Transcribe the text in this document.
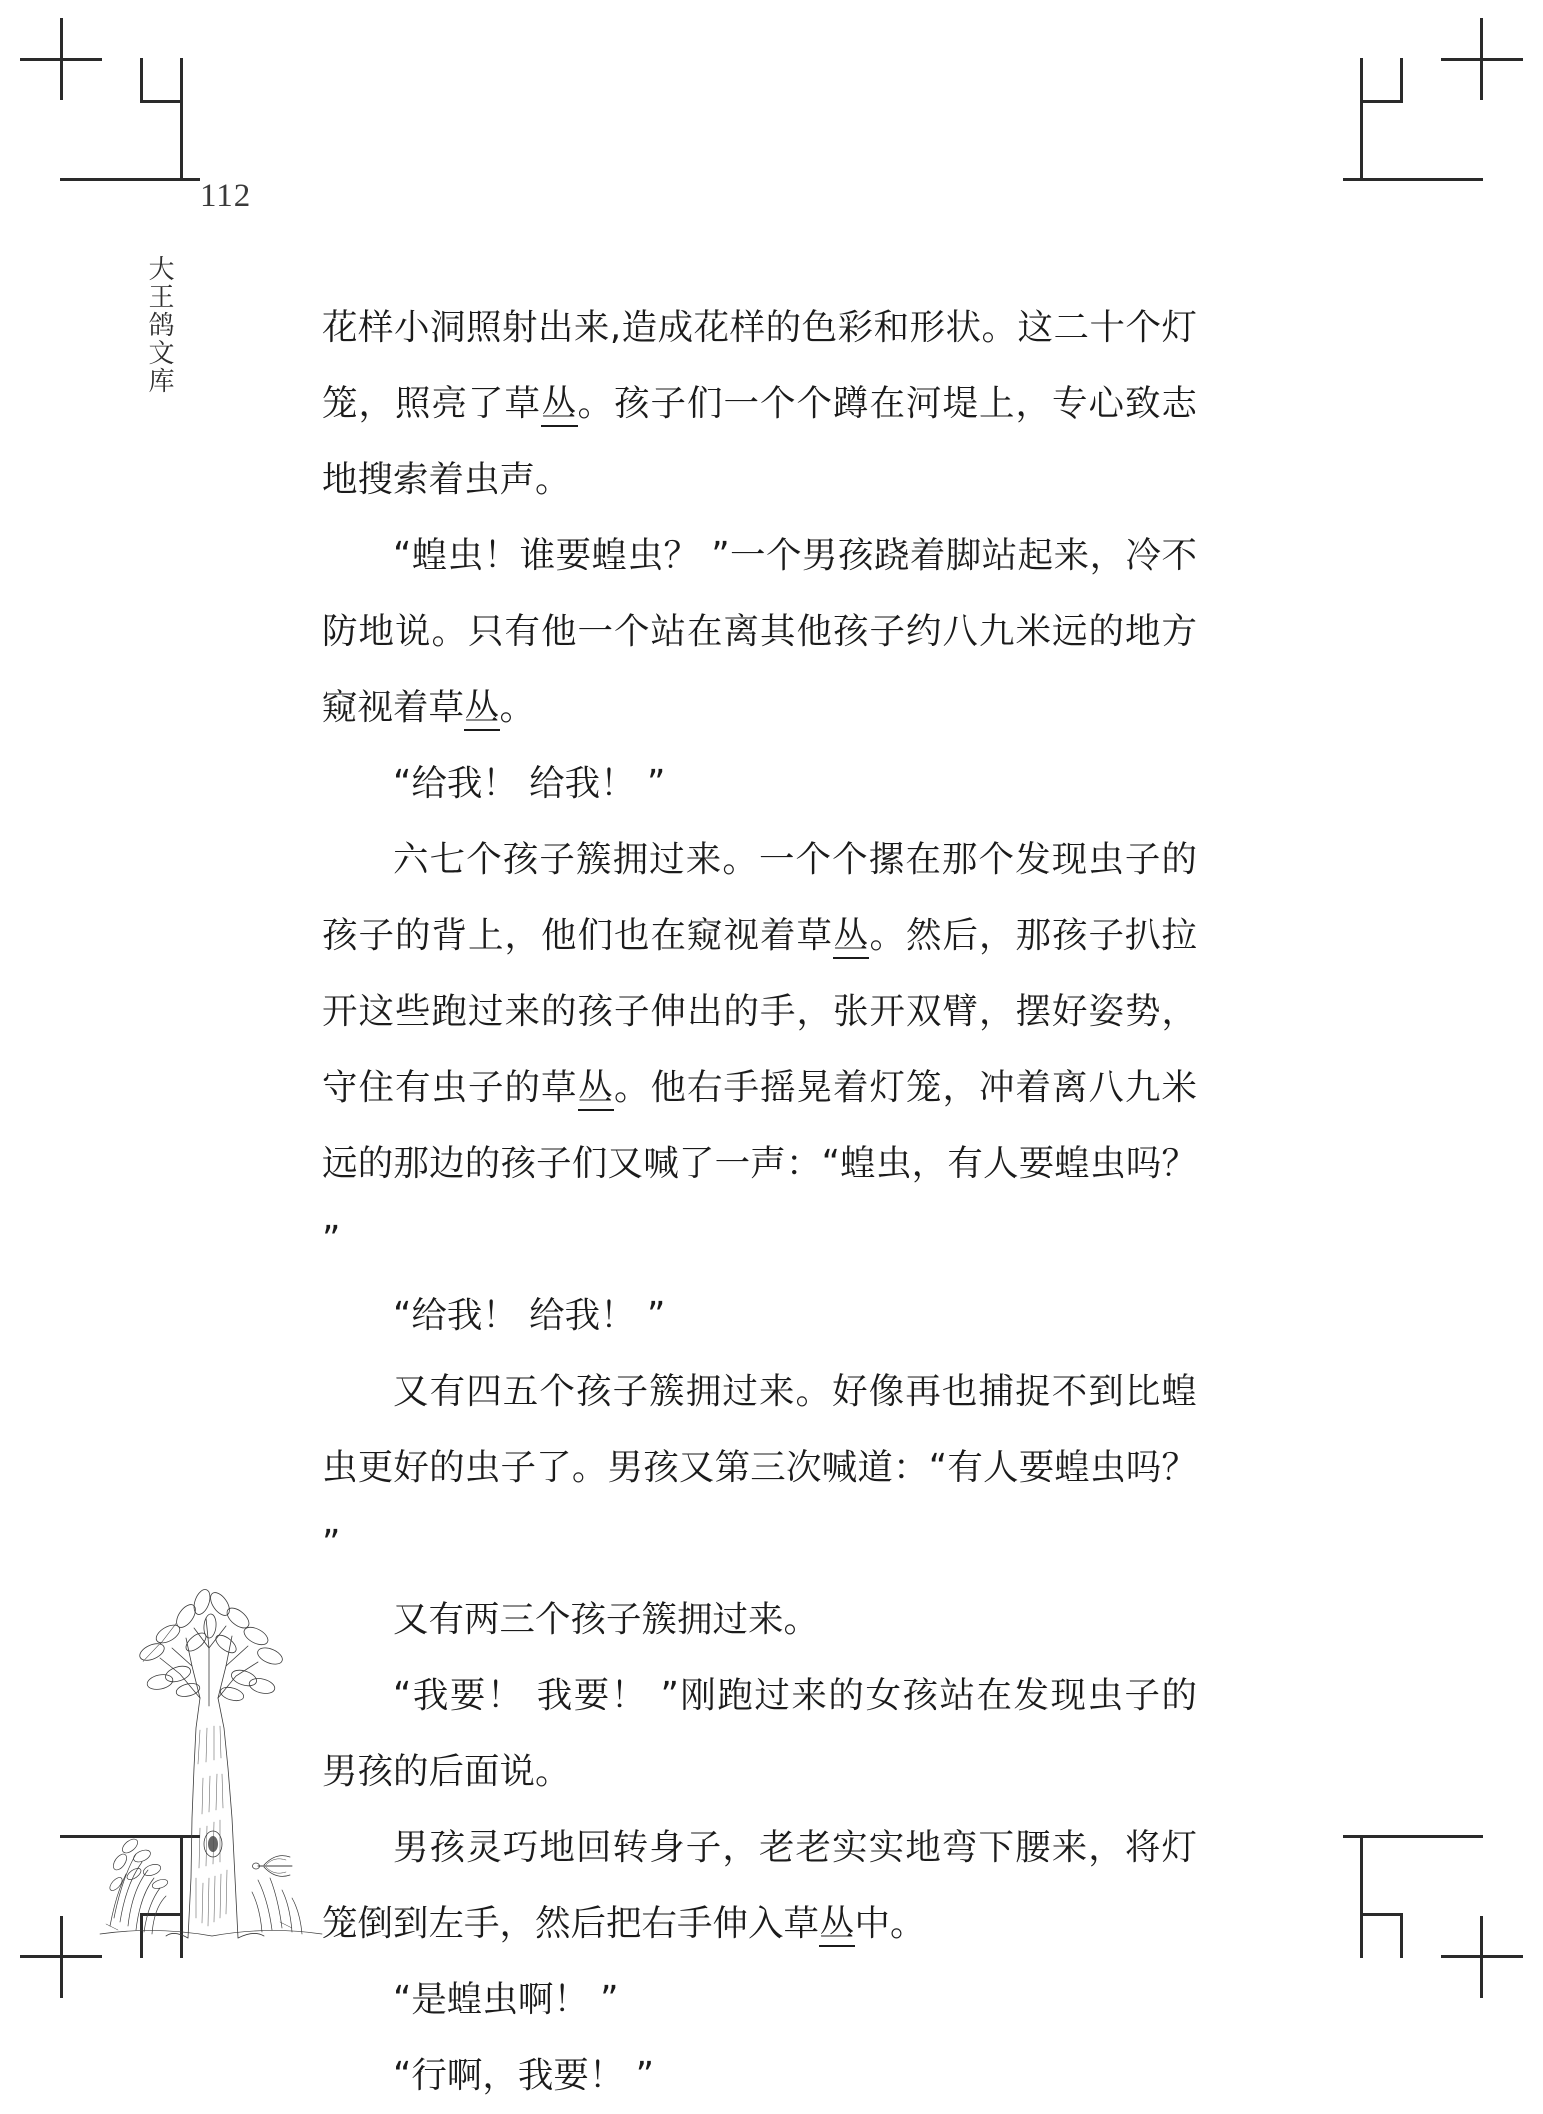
112
大王鸽文库	花样小洞照射出来,造成花样的色彩和形状。这二十个灯笼，照亮了草丛。孩子们一个个蹲在河堤上，专心致志地搜索着虫声。

“蝗虫！谁要蝗虫？ ”一个男孩跷着脚站起来，冷不防地说。只有他一个站在离其他孩子约八九米远的地方窥视着草丛。

“给我！ 给我！ ”

六七个孩子簇拥过来。一个个摞在那个发现虫子的孩子的背上，他们也在窥视着草丛。然后，那孩子扒拉开这些跑过来的孩子伸出的手，张开双臂，摆好姿势，守住有虫子的草丛。他右手摇晃着灯笼，冲着离八九米远的那边的孩子们又喊了一声：“蝗虫，有人要蝗虫吗？ ”

“给我！ 给我！ ”

又有四五个孩子簇拥过来。好像再也捕捉不到比蝗虫更好的虫子了。男孩又第三次喊道：“有人要蝗虫吗？ ”

又有两三个孩子簇拥过来。

“我要！ 我要！ ”刚跑过来的女孩站在发现虫子的男孩的后面说。

男孩灵巧地回转身子，老老实实地弯下腰来，将灯笼倒到左手，然后把右手伸入草丛中。

“是蝗虫啊！ ”

“行啊，我要！ ”
